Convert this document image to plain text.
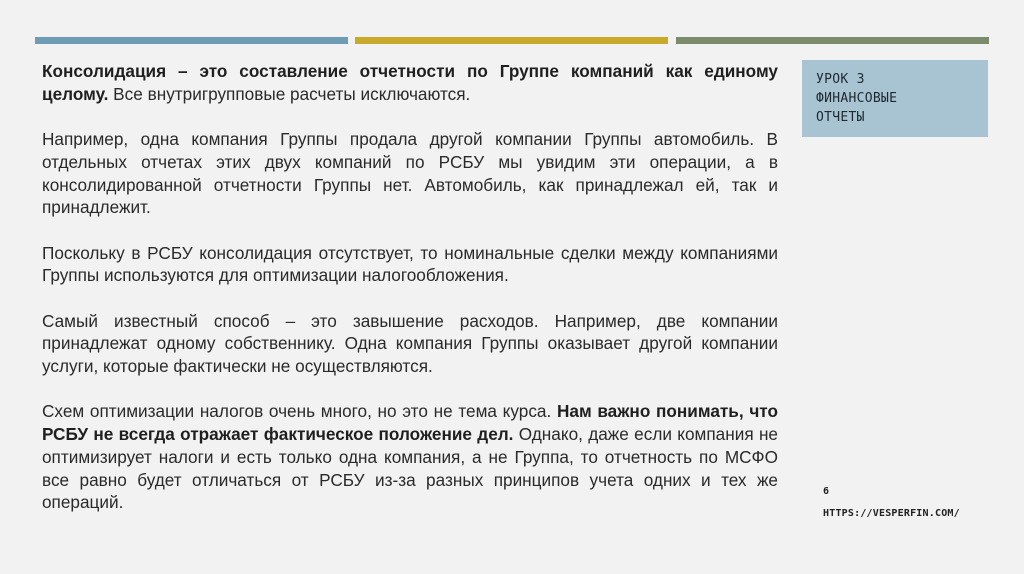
Консолидация – это составление отчетности по Группе компаний как единому целому. Все внутригрупповые расчеты исключаются.

Например, одна компания Группы продала другой компании Группы автомобиль. В отдельных отчетах этих двух компаний по РСБУ мы увидим эти операции, а в консолидированной отчетности Группы нет. Автомобиль, как принадлежал ей, так и принадлежит.

Поскольку в РСБУ консолидация отсутствует, то номинальные сделки между компаниями Группы используются для оптимизации налогообложения.

Самый известный способ – это завышение расходов. Например, две компании принадлежат одному собственнику. Одна компания Группы оказывает другой компании услуги, которые фактически не осуществляются.

Схем оптимизации налогов очень много, но это не тема курса. Нам важно понимать, что РСБУ не всегда отражает фактическое положение дел. Однако, даже если компания не оптимизирует налоги и есть только одна компания, а не Группа, то отчетность по МСФО все равно будет отличаться от РСБУ из-за разных принципов учета одних и тех же операций.

УРОК 3
ФИНАНСОВЫЕ
ОТЧЕТЫ
6
HTTPS://VESPERFIN.COM/
